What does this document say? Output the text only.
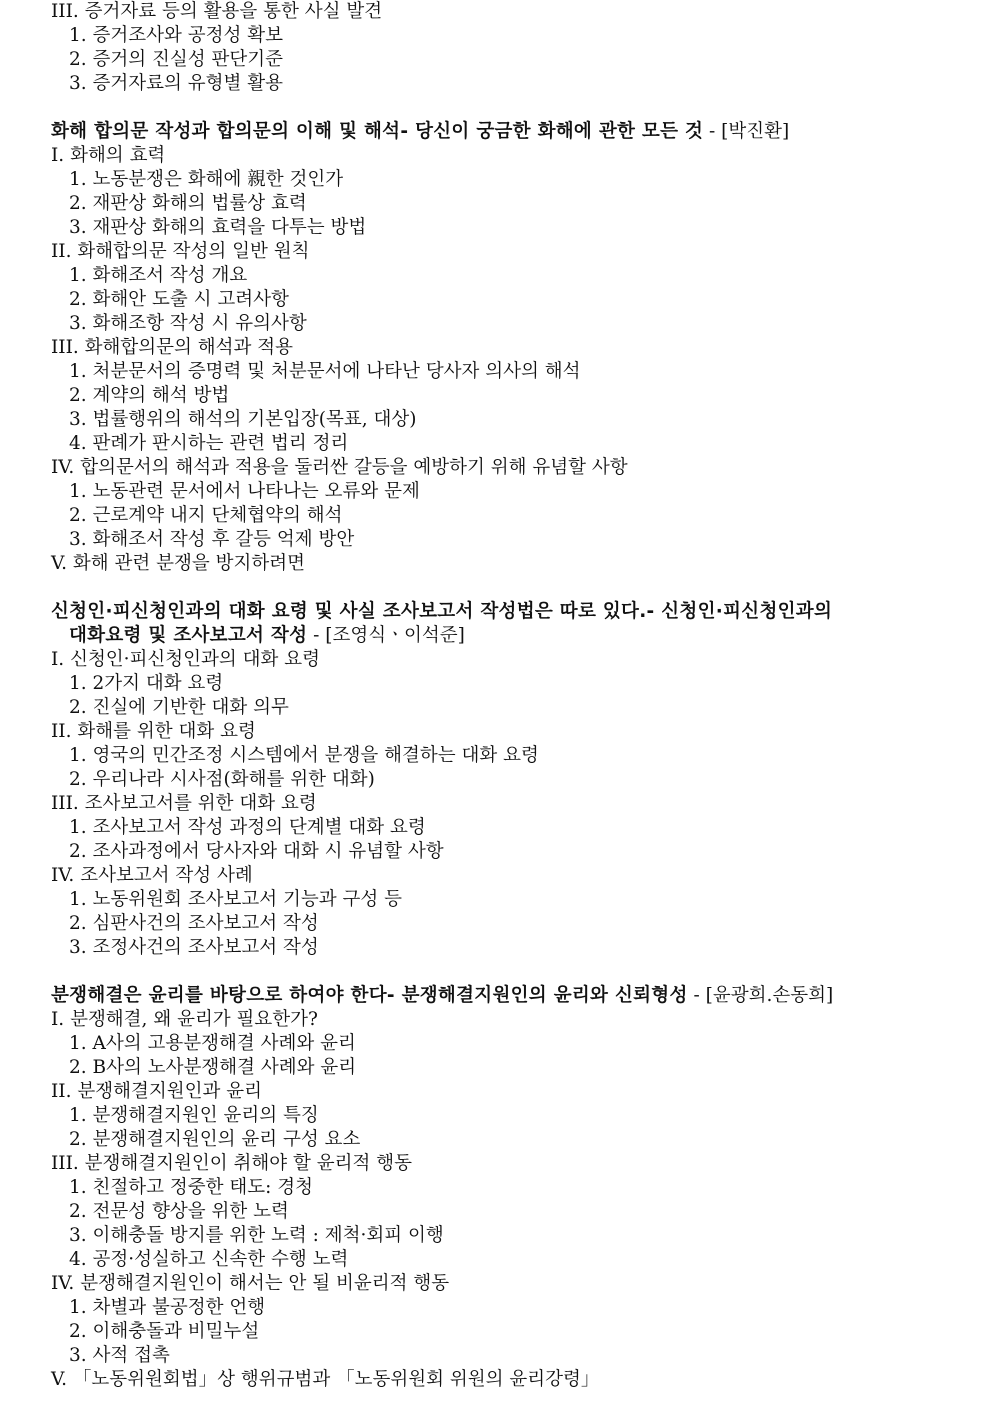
III. 증거자료 등의 활용을 통한 사실 발견
1. 증거조사와 공정성 확보
2. 증거의 진실성 판단기준
3. 증거자료의 유형별 활용
화해 합의문 작성과 합의문의 이해 및 해석- 당신이 궁금한 화해에 관한 모든 것 - [박진환]
I. 화해의 효력
1. 노동분쟁은 화해에 親한 것인가
2. 재판상 화해의 법률상 효력
3. 재판상 화해의 효력을 다투는 방법
II. 화해합의문 작성의 일반 원칙
1. 화해조서 작성 개요
2. 화해안 도출 시 고려사항
3. 화해조항 작성 시 유의사항
III. 화해합의문의 해석과 적용
1. 처분문서의 증명력 및 처분문서에 나타난 당사자 의사의 해석
2. 계약의 해석 방법
3. 법률행위의 해석의 기본입장(목표, 대상)
4. 판례가 판시하는 관련 법리 정리
IV. 합의문서의 해석과 적용을 둘러싼 갈등을 예방하기 위해 유념할 사항
1. 노동관련 문서에서 나타나는 오류와 문제
2. 근로계약 내지 단체협약의 해석
3. 화해조서 작성 후 갈등 억제 방안
V. 화해 관련 분쟁을 방지하려면
신청인·피신청인과의 대화 요령 및 사실 조사보고서 작성법은 따로 있다.- 신청인·피신청인과의
대화요령 및 조사보고서 작성 - [조영식ㆍ이석준]
I. 신청인·피신청인과의 대화 요령
1. 2가지 대화 요령
2. 진실에 기반한 대화 의무
II. 화해를 위한 대화 요령
1. 영국의 민간조정 시스템에서 분쟁을 해결하는 대화 요령
2. 우리나라 시사점(화해를 위한 대화)
III. 조사보고서를 위한 대화 요령
1. 조사보고서 작성 과정의 단계별 대화 요령
2. 조사과정에서 당사자와 대화 시 유념할 사항
IV. 조사보고서 작성 사례
1. 노동위원회 조사보고서 기능과 구성 등
2. 심판사건의 조사보고서 작성
3. 조정사건의 조사보고서 작성
분쟁해결은 윤리를 바탕으로 하여야 한다- 분쟁해결지원인의 윤리와 신뢰형성 - [윤광희.손동희]
I. 분쟁해결, 왜 윤리가 필요한가?
1. A사의 고용분쟁해결 사례와 윤리
2. B사의 노사분쟁해결 사례와 윤리
II. 분쟁해결지원인과 윤리
1. 분쟁해결지원인 윤리의 특징
2. 분쟁해결지원인의 윤리 구성 요소
III. 분쟁해결지원인이 취해야 할 윤리적 행동
1. 친절하고 정중한 태도: 경청
2. 전문성 향상을 위한 노력
3. 이해충돌 방지를 위한 노력 : 제척·회피 이행
4. 공정·성실하고 신속한 수행 노력
IV. 분쟁해결지원인이 해서는 안 될 비윤리적 행동
1. 차별과 불공정한 언행
2. 이해충돌과 비밀누설
3. 사적 접촉
V. 「노동위원회법」상 행위규범과 「노동위원회 위원의 윤리강령」
